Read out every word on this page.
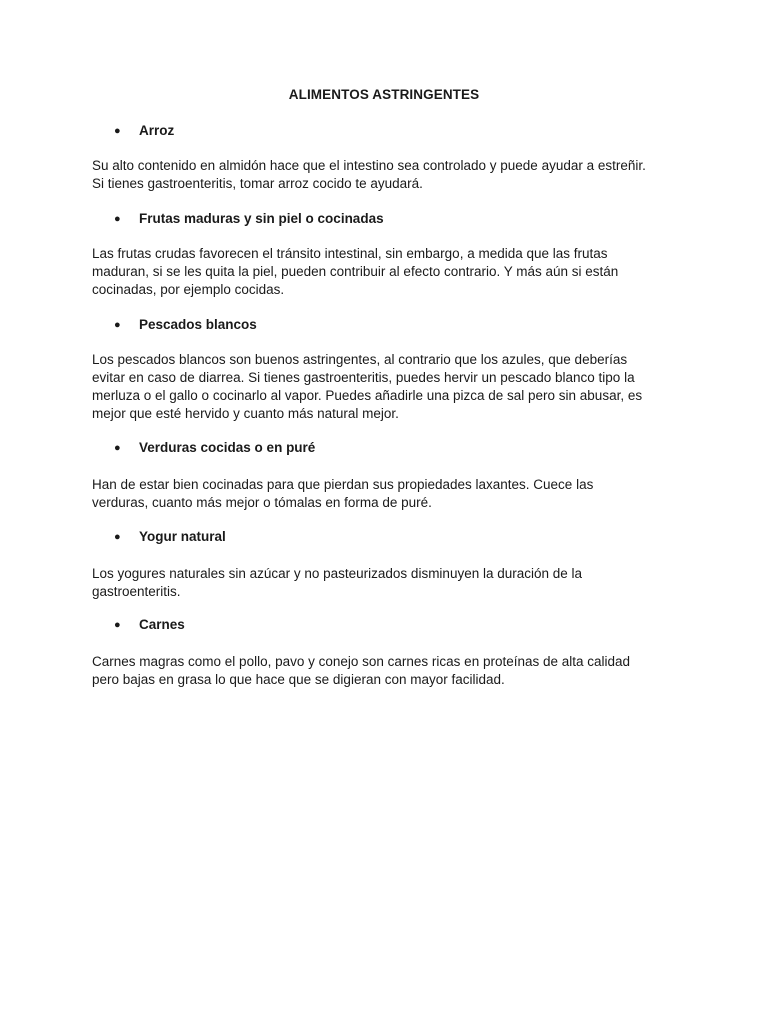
ALIMENTOS ASTRINGENTES
● Arroz
Su alto contenido en almidón hace que el intestino sea controlado y puede ayudar a estreñir.
Si tienes gastroenteritis, tomar arroz cocido te ayudará.
● Frutas maduras y sin piel o cocinadas
Las frutas crudas favorecen el tránsito intestinal, sin embargo, a medida que las frutas
maduran, si se les quita la piel, pueden contribuir al efecto contrario. Y más aún si están
cocinadas, por ejemplo cocidas.
● Pescados blancos
Los pescados blancos son buenos astringentes, al contrario que los azules, que deberías
evitar en caso de diarrea. Si tienes gastroenteritis, puedes hervir un pescado blanco tipo la
merluza o el gallo o cocinarlo al vapor. Puedes añadirle una pizca de sal pero sin abusar, es
mejor que esté hervido y cuanto más natural mejor.
● Verduras cocidas o en puré
Han de estar bien cocinadas para que pierdan sus propiedades laxantes. Cuece las
verduras, cuanto más mejor o tómalas en forma de puré.
● Yogur natural
Los yogures naturales sin azúcar y no pasteurizados disminuyen la duración de la
gastroenteritis.
● Carnes
Carnes magras como el pollo, pavo y conejo son carnes ricas en proteínas de alta calidad
pero bajas en grasa lo que hace que se digieran con mayor facilidad.
